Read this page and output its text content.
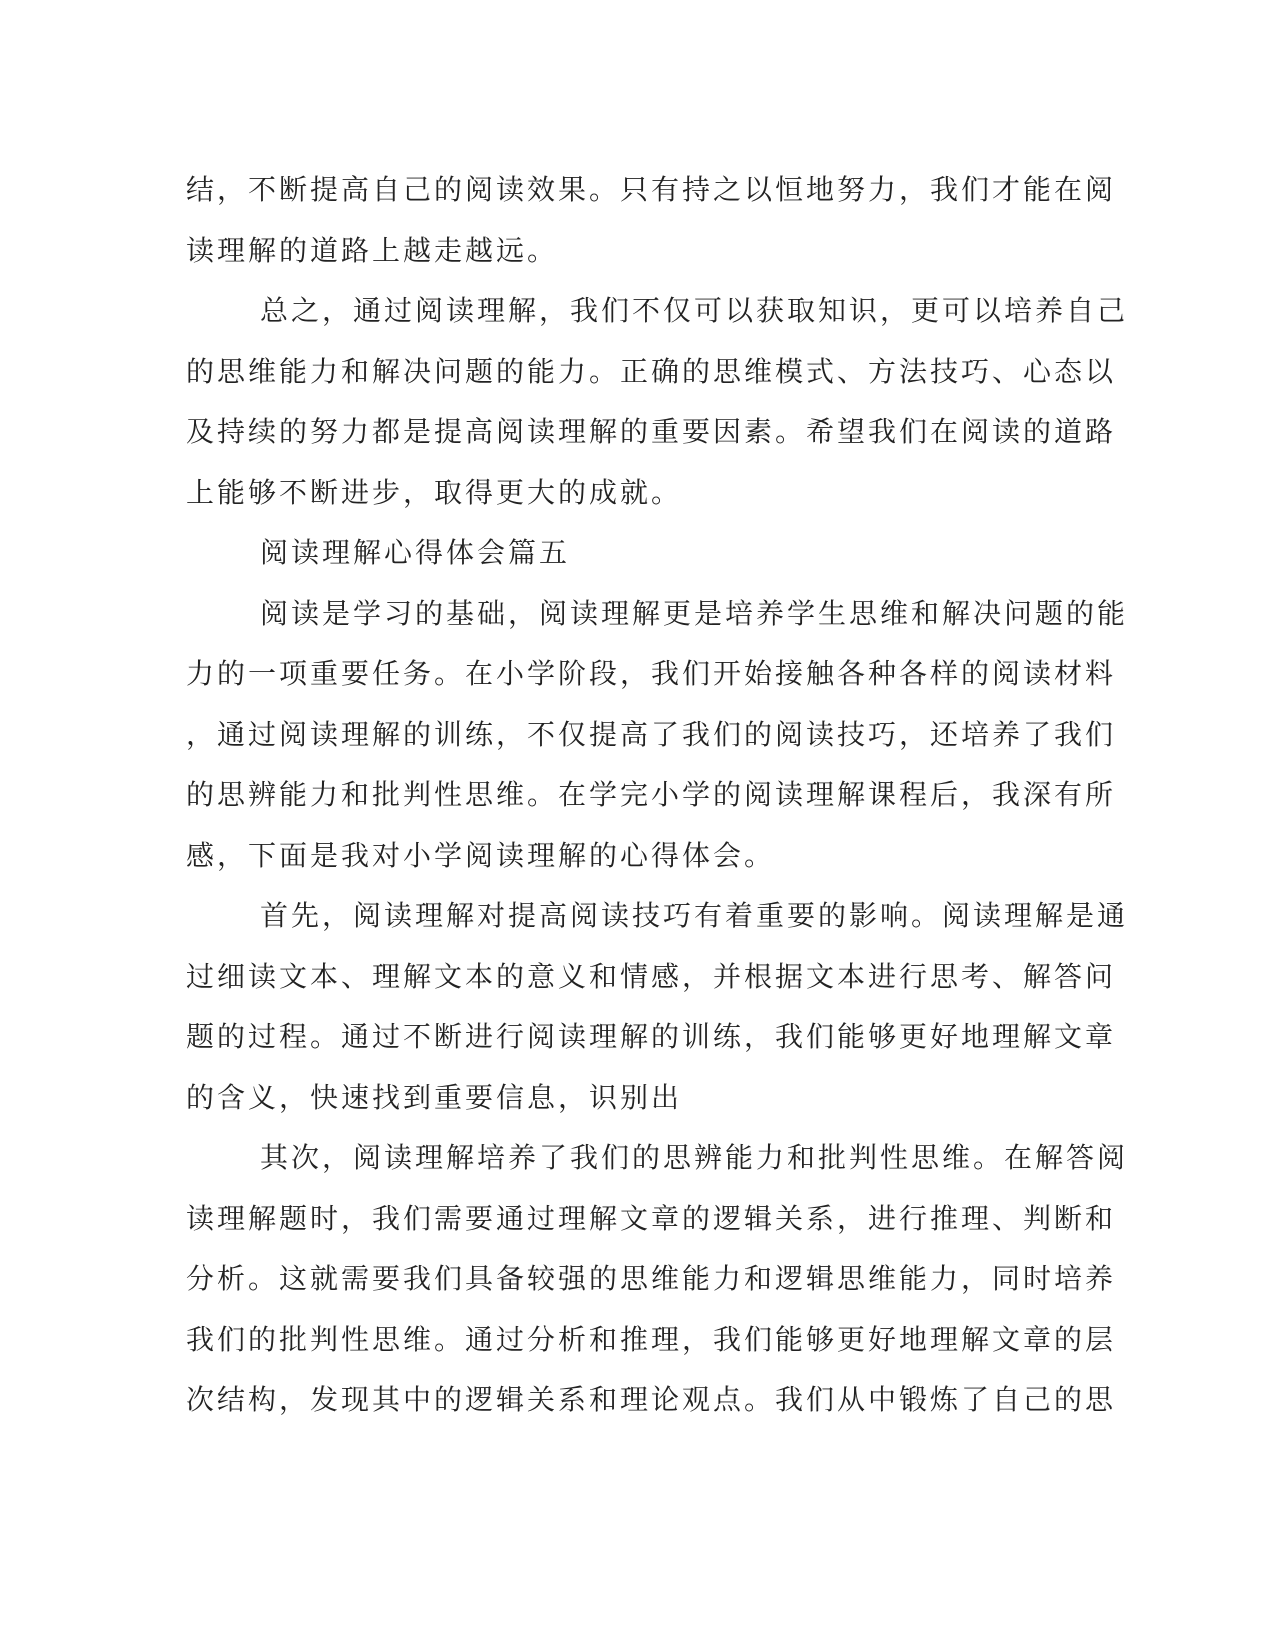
结，不断提高自己的阅读效果。只有持之以恒地努力，我们才能在阅
读理解的道路上越走越远。
总之，通过阅读理解，我们不仅可以获取知识，更可以培养自己
的思维能力和解决问题的能力。正确的思维模式、方法技巧、心态以
及持续的努力都是提高阅读理解的重要因素。希望我们在阅读的道路
上能够不断进步，取得更大的成就。
阅读理解心得体会篇五
阅读是学习的基础，阅读理解更是培养学生思维和解决问题的能
力的一项重要任务。在小学阶段，我们开始接触各种各样的阅读材料
，通过阅读理解的训练，不仅提高了我们的阅读技巧，还培养了我们
的思辨能力和批判性思维。在学完小学的阅读理解课程后，我深有所
感，下面是我对小学阅读理解的心得体会。
首先，阅读理解对提高阅读技巧有着重要的影响。阅读理解是通
过细读文本、理解文本的意义和情感，并根据文本进行思考、解答问
题的过程。通过不断进行阅读理解的训练，我们能够更好地理解文章
的含义，快速找到重要信息，识别出
其次，阅读理解培养了我们的思辨能力和批判性思维。在解答阅
读理解题时，我们需要通过理解文章的逻辑关系，进行推理、判断和
分析。这就需要我们具备较强的思维能力和逻辑思维能力，同时培养
我们的批判性思维。通过分析和推理，我们能够更好地理解文章的层
次结构，发现其中的逻辑关系和理论观点。我们从中锻炼了自己的思
